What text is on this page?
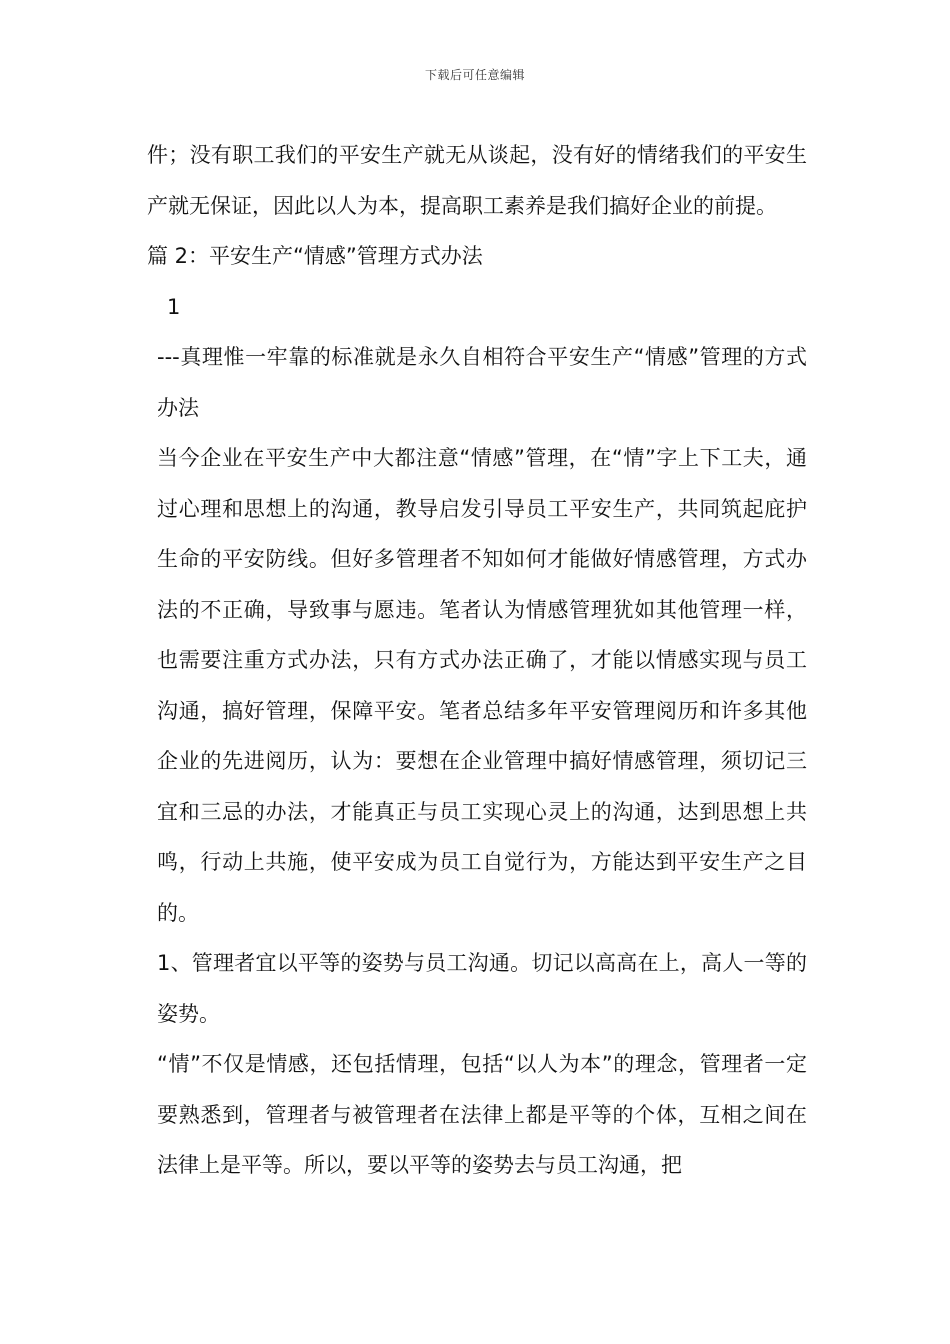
下载后可任意编辑

件；没有职工我们的平安生产就无从谈起，没有好的情绪我们的平安生产就无保证，因此以人为本，提高职工素养是我们搞好企业的前提。

篇 2：平安生产“情感”管理方式办法

1

---真理惟一牢靠的标准就是永久自相符合平安生产“情感”管理的方式办法

当今企业在平安生产中大都注意“情感”管理，在“情”字上下工夫，通过心理和思想上的沟通，教导启发引导员工平安生产，共同筑起庇护生命的平安防线。但好多管理者不知如何才能做好情感管理，方式办法的不正确，导致事与愿违。笔者认为情感管理犹如其他管理一样，也需要注重方式办法，只有方式办法正确了，才能以情感实现与员工沟通，搞好管理，保障平安。笔者总结多年平安管理阅历和许多其他企业的先进阅历，认为：要想在企业管理中搞好情感管理，须切记三宜和三忌的办法，才能真正与员工实现心灵上的沟通，达到思想上共鸣，行动上共施，使平安成为员工自觉行为，方能达到平安生产之目的。

1、管理者宜以平等的姿势与员工沟通。切记以高高在上，高人一等的姿势。

“情”不仅是情感，还包括情理，包括“以人为本”的理念，管理者一定要熟悉到，管理者与被管理者在法律上都是平等的个体，互相之间在法律上是平等。所以，要以平等的姿势去与员工沟通，把
